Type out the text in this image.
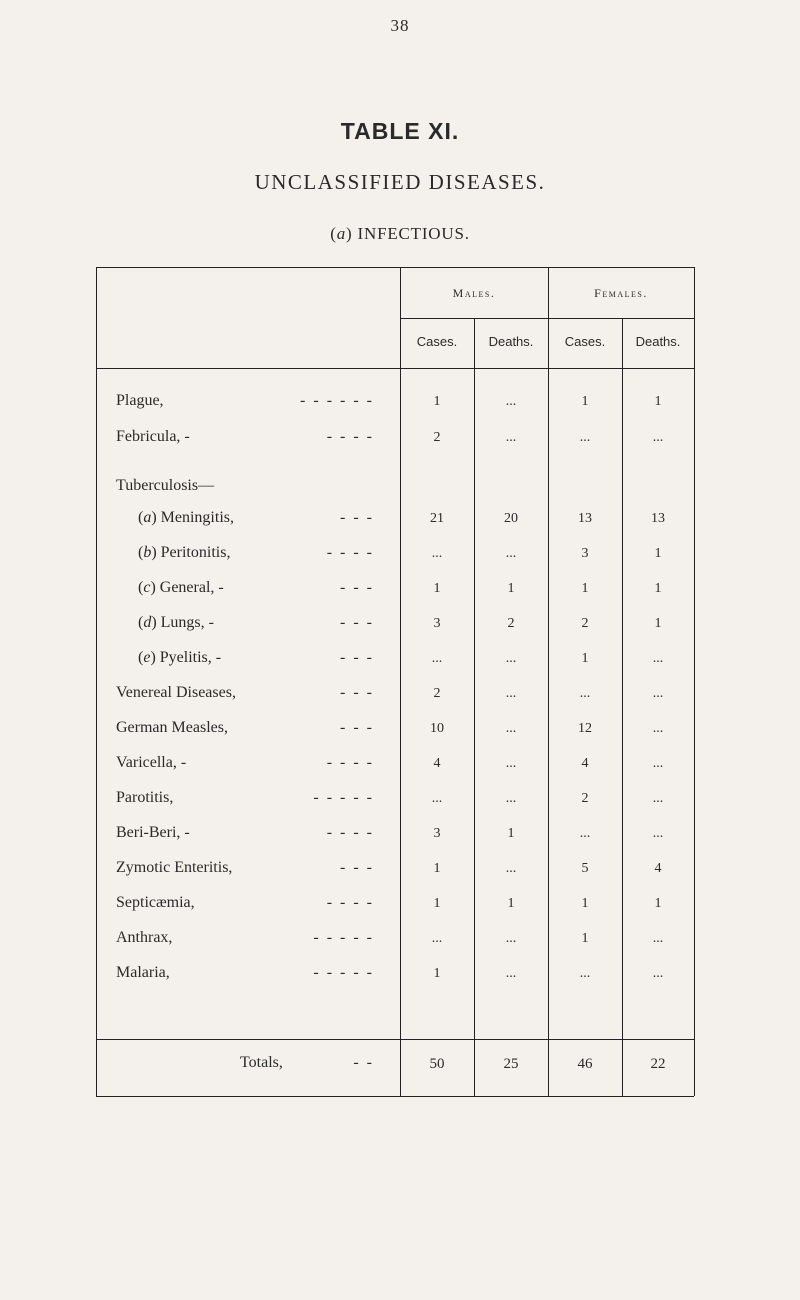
38
TABLE XI.
UNCLASSIFIED DISEASES.
(a) INFECTIOUS.
Males.	Females.
Cases.	Deaths.	Cases.	Deaths.
Plague,	- - - - - -	1	...	1	1
Febricula, -	- - - -	2	...	...	...
Tuberculosis—
(a) Meningitis,	- - -	21	20	13	13
(b) Peritonitis,	- - - -	...	...	3	1
(c) General, -	- - -	1	1	1	1
(d) Lungs, -	- - -	3	2	2	1
(e) Pyelitis, -	- - -	...	...	1	...
Venereal Diseases,	- - -	2	...	...	...
German Measles,	- - -	10	...	12	...
Varicella, -	- - - -	4	...	4	...
Parotitis,	- - - - -	...	...	2	...
Beri-Beri, -	- - - -	3	1	...	...
Zymotic Enteritis,	- - -	1	...	5	4
Septicæmia,	- - - -	1	1	1	1
Anthrax,	- - - - -	...	...	1	...
Malaria,	- - - - -	1	...	...	...
Totals,	- -	50	25	46	22
